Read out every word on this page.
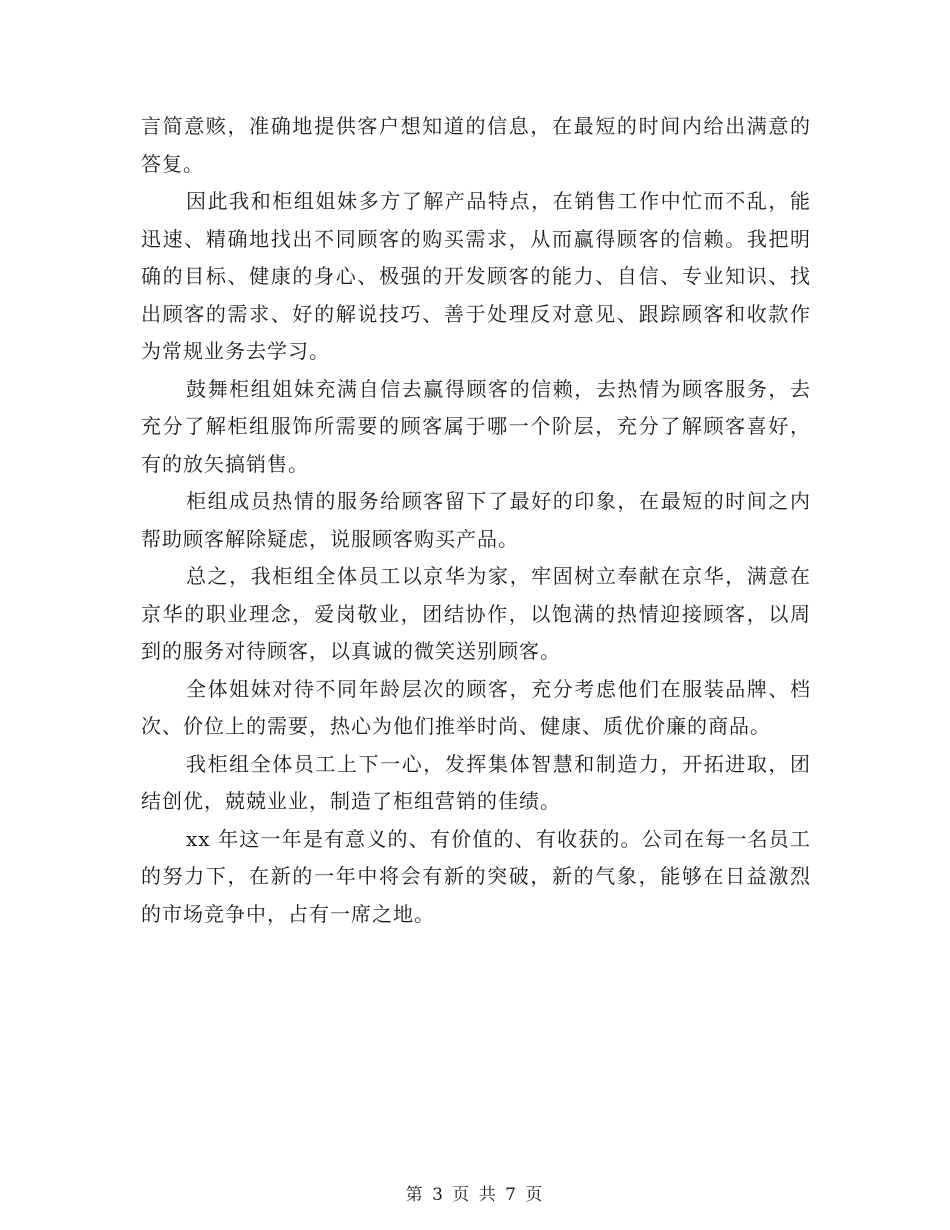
言简意赅，准确地提供客户想知道的信息，在最短的时间内给出满意的答复。

因此我和柜组姐妹多方了解产品特点，在销售工作中忙而不乱，能迅速、精确地找出不同顾客的购买需求，从而赢得顾客的信赖。我把明确的目标、健康的身心、极强的开发顾客的能力、自信、专业知识、找出顾客的需求、好的解说技巧、善于处理反对意见、跟踪顾客和收款作为常规业务去学习。

鼓舞柜组姐妹充满自信去赢得顾客的信赖，去热情为顾客服务，去充分了解柜组服饰所需要的顾客属于哪一个阶层，充分了解顾客喜好，有的放矢搞销售。

柜组成员热情的服务给顾客留下了最好的印象，在最短的时间之内帮助顾客解除疑虑，说服顾客购买产品。

总之，我柜组全体员工以京华为家，牢固树立奉献在京华，满意在京华的职业理念，爱岗敬业，团结协作，以饱满的热情迎接顾客，以周到的服务对待顾客，以真诚的微笑送别顾客。

全体姐妹对待不同年龄层次的顾客，充分考虑他们在服装品牌、档次、价位上的需要，热心为他们推举时尚、健康、质优价廉的商品。

我柜组全体员工上下一心，发挥集体智慧和制造力，开拓进取，团结创优，兢兢业业，制造了柜组营销的佳绩。

xx 年这一年是有意义的、有价值的、有收获的。公司在每一名员工的努力下，在新的一年中将会有新的突破，新的气象，能够在日益激烈的市场竞争中，占有一席之地。

第 3 页 共 7 页
